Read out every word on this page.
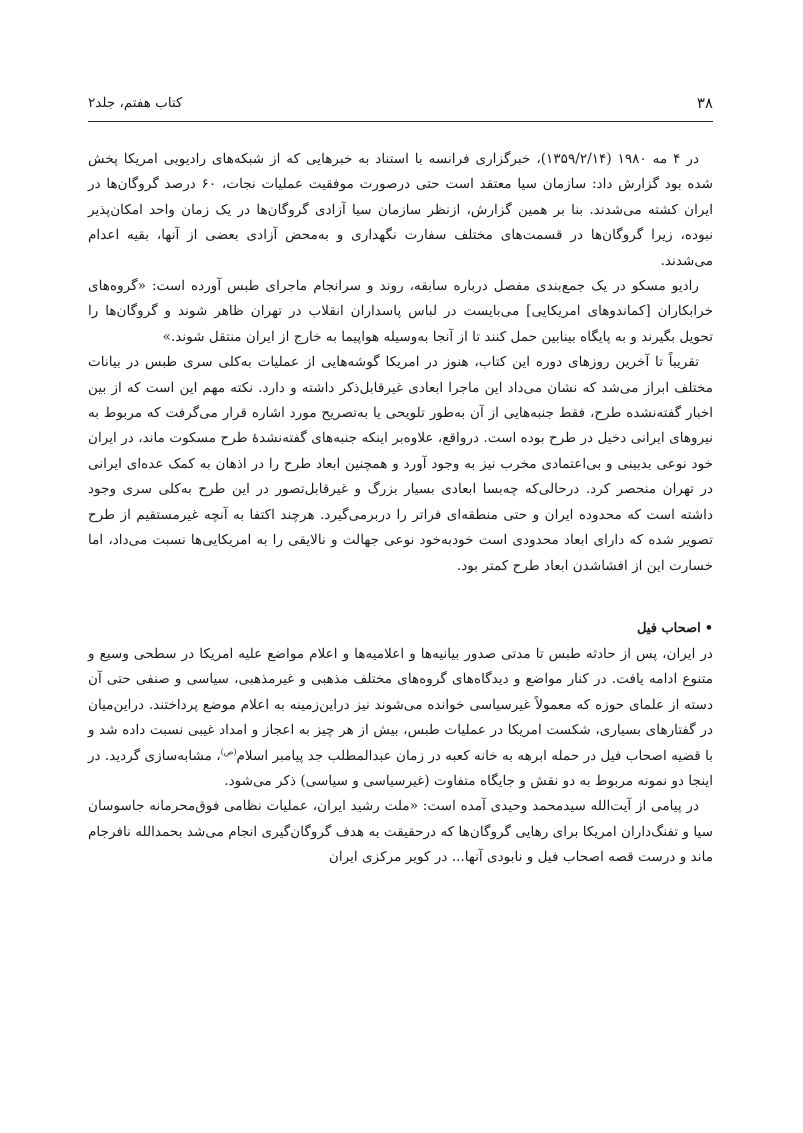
۳۸
کتاب هفتم، جلد۲

در ۴ مه ۱۹۸۰ (۱۳۵۹/۲/۱۴)، خبرگزاری فرانسه با استناد به خبرهایی که از شبکه‌های رادیویی امریکا پخش شده بود گزارش داد: سازمان سیا معتقد است حتی درصورت موفقیت عملیات نجات، ۶۰ درصد گروگان‌ها در ایران کشته می‌شدند. بنا بر همین گزارش، ازنظر سازمان سیا آزادی گروگان‌ها در یک زمان واحد امکان‌پذیر نبوده، زیرا گروگان‌ها در قسمت‌های مختلف سفارت نگهداری و به‌محض آزادی بعضی از آنها، بقیه اعدام می‌شدند.

رادیو مسکو در یک جمع‌بندی مفصل درباره سابقه، روند و سرانجام ماجرای طبس آورده است: «گروه‌های خرابکاران [کماندوهای امریکایی] می‌بایست در لباس پاسداران انقلاب در تهران ظاهر شوند و گروگان‌ها را تحویل بگیرند و به پایگاه بینابین حمل کنند تا از آنجا به‌وسیله هواپیما به خارج از ایران منتقل شوند.»

تقریباً تا آخرین روزهای دوره این کتاب، هنوز در امریکا گوشه‌هایی از عملیات به‌کلی سری طبس در بیانات مختلف ابراز می‌شد که نشان می‌داد این ماجرا ابعادی غیرقابل‌ذکر داشته و دارد. نکته مهم این است که از بین اخبار گفته‌نشده طرح، فقط جنبه‌هایی از آن به‌طور تلویحی یا به‌تصریح مورد اشاره قرار می‌گرفت که مربوط به نیروهای ایرانی دخیل در طرح بوده است. درواقع، علاوه‌بر اینکه جنبه‌های گفته‌نشدهٔ طرح مسکوت ماند، در ایران خود نوعی بدبینی و بی‌اعتمادی مخرب نیز به وجود آورد و همچنین ابعاد طرح را در اذهان به کمک عده‌ای ایرانی در تهران منحصر کرد. درحالی‌که چه‌بسا ابعادی بسیار بزرگ و غیرقابل‌تصور در این طرح به‌کلی سری وجود داشته است که محدوده ایران و حتی منطقه‌ای فراتر را دربرمی‌گیرد. هرچند اکتفا به آنچه غیرمستقیم از طرح تصویر شده که دارای ابعاد محدودی است خودبه‌خود نوعی جهالت و نالایقی را به امریکایی‌ها نسبت می‌داد، اما خسارت این از افشاشدن ابعاد طرح کمتر بود.

•اصحاب فیل

در ایران، پس از حادثه طبس تا مدتی صدور بیانیه‌ها و اعلامیه‌ها و اعلام مواضع علیه امریکا در سطحی وسیع و متنوع ادامه یافت. در کنار مواضع و دیدگاه‌های گروه‌های مختلف مذهبی و غیرمذهبی، سیاسی و صنفی حتی آن دسته از علمای حوزه که معمولاً غیرسیاسی خوانده می‌شوند نیز دراین‌زمینه به اعلام موضع پرداختند. دراین‌میان در گفتارهای بسیاری، شکست امریکا در عملیات طبس، بیش از هر چیز به اعجاز و امداد غیبی نسبت داده شد و با قضیه اصحاب فیل در حمله ابرهه به خانه کعبه در زمان عبدالمطلب جد پیامبر اسلام$^{(ص)}$، مشابه‌سازی گردید. در اینجا دو نمونه مربوط به دو نقش و جایگاه متفاوت (غیرسیاسی و سیاسی) ذکر می‌شود.

در پیامی از آیت‌الله سیدمحمد وحیدی آمده است: «ملت رشید ایران، عملیات نظامی فوق‌محرمانه جاسوسان سیا و تفنگ‌داران امریکا برای رهایی گروگان‌ها که درحقیقت به هدف گروگان‌گیری انجام می‌شد بحمدالله نافرجام ماند و درست قصه اصحاب فیل و نابودی آنها... در کویر مرکزی ایران
